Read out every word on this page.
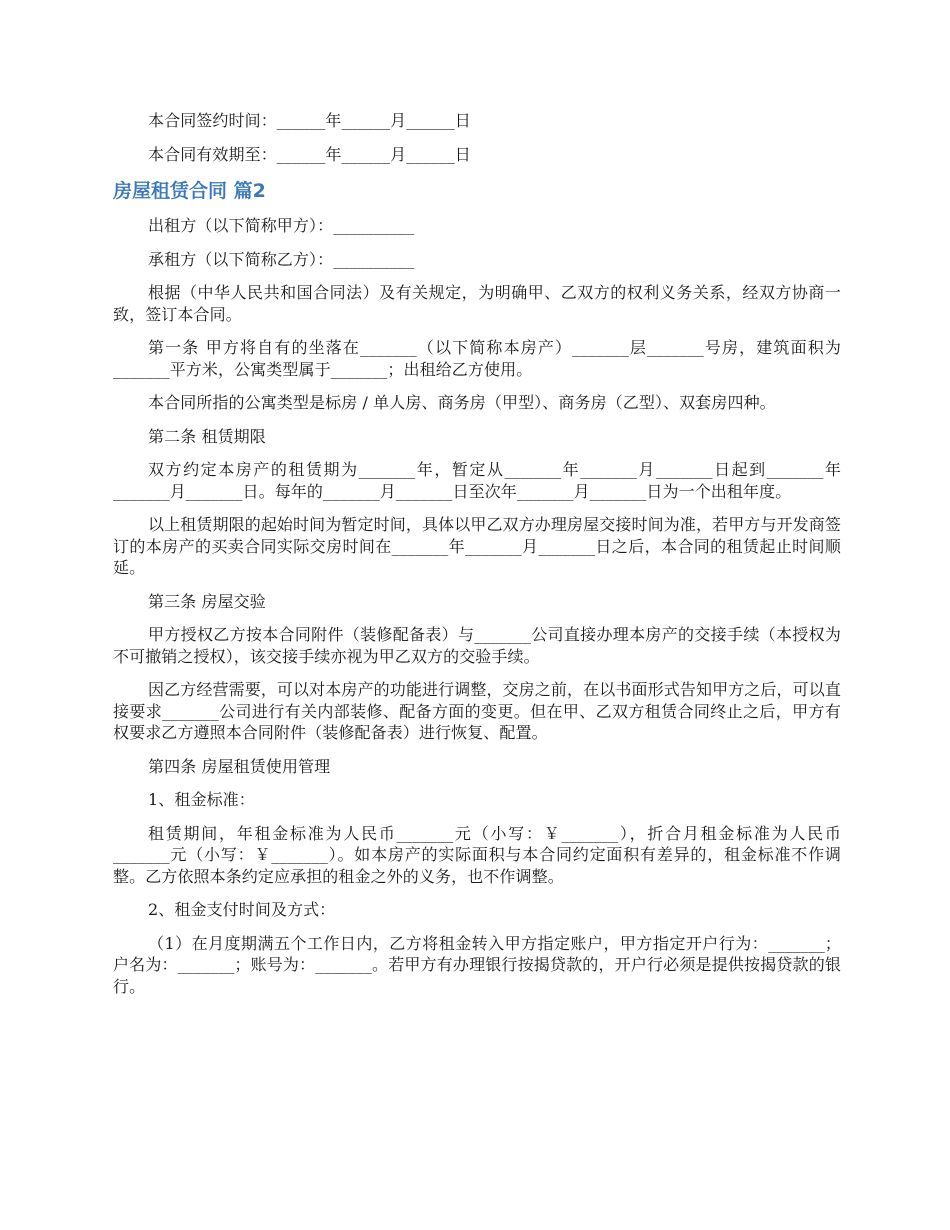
本合同签约时间：______年______月______日

本合同有效期至：______年______月______日

房屋租赁合同 篇2

出租方（以下简称甲方）：__________

承租方（以下简称乙方）：__________

根据（中华人民共和国合同法）及有关规定，为明确甲、乙双方的权利义务关系，经双方协商一致，签订本合同。

第一条 甲方将自有的坐落在_______（以下简称本房产）_______层_______号房，建筑面积为_______平方米，公寓类型属于_______；出租给乙方使用。

本合同所指的公寓类型是标房 / 单人房、商务房（甲型）、商务房（乙型）、双套房四种。

第二条 租赁期限

双方约定本房产的租赁期为_______年，暂定从_______年_______月_______日起到_______年_______月_______日。每年的_______月_______日至次年_______月_______日为一个出租年度。

以上租赁期限的起始时间为暂定时间，具体以甲乙双方办理房屋交接时间为准，若甲方与开发商签订的本房产的买卖合同实际交房时间在_______年_______月_______日之后，本合同的租赁起止时间顺延。

第三条 房屋交验

甲方授权乙方按本合同附件（装修配备表）与_______公司直接办理本房产的交接手续（本授权为不可撤销之授权），该交接手续亦视为甲乙双方的交验手续。

因乙方经营需要，可以对本房产的功能进行调整，交房之前，在以书面形式告知甲方之后，可以直接要求_______公司进行有关内部装修、配备方面的变更。但在甲、乙双方租赁合同终止之后，甲方有权要求乙方遵照本合同附件（装修配备表）进行恢复、配置。

第四条 房屋租赁使用管理

1、租金标准：

租赁期间，年租金标准为人民币_______元（小写：￥_______），折合月租金标准为人民币_______元（小写：￥_______）。如本房产的实际面积与本合同约定面积有差异的，租金标准不作调整。乙方依照本条约定应承担的租金之外的义务，也不作调整。

2、租金支付时间及方式：

（1）在月度期满五个工作日内，乙方将租金转入甲方指定账户，甲方指定开户行为：_______；户名为：_______；账号为：_______。若甲方有办理银行按揭贷款的，开户行必须是提供按揭贷款的银行。
